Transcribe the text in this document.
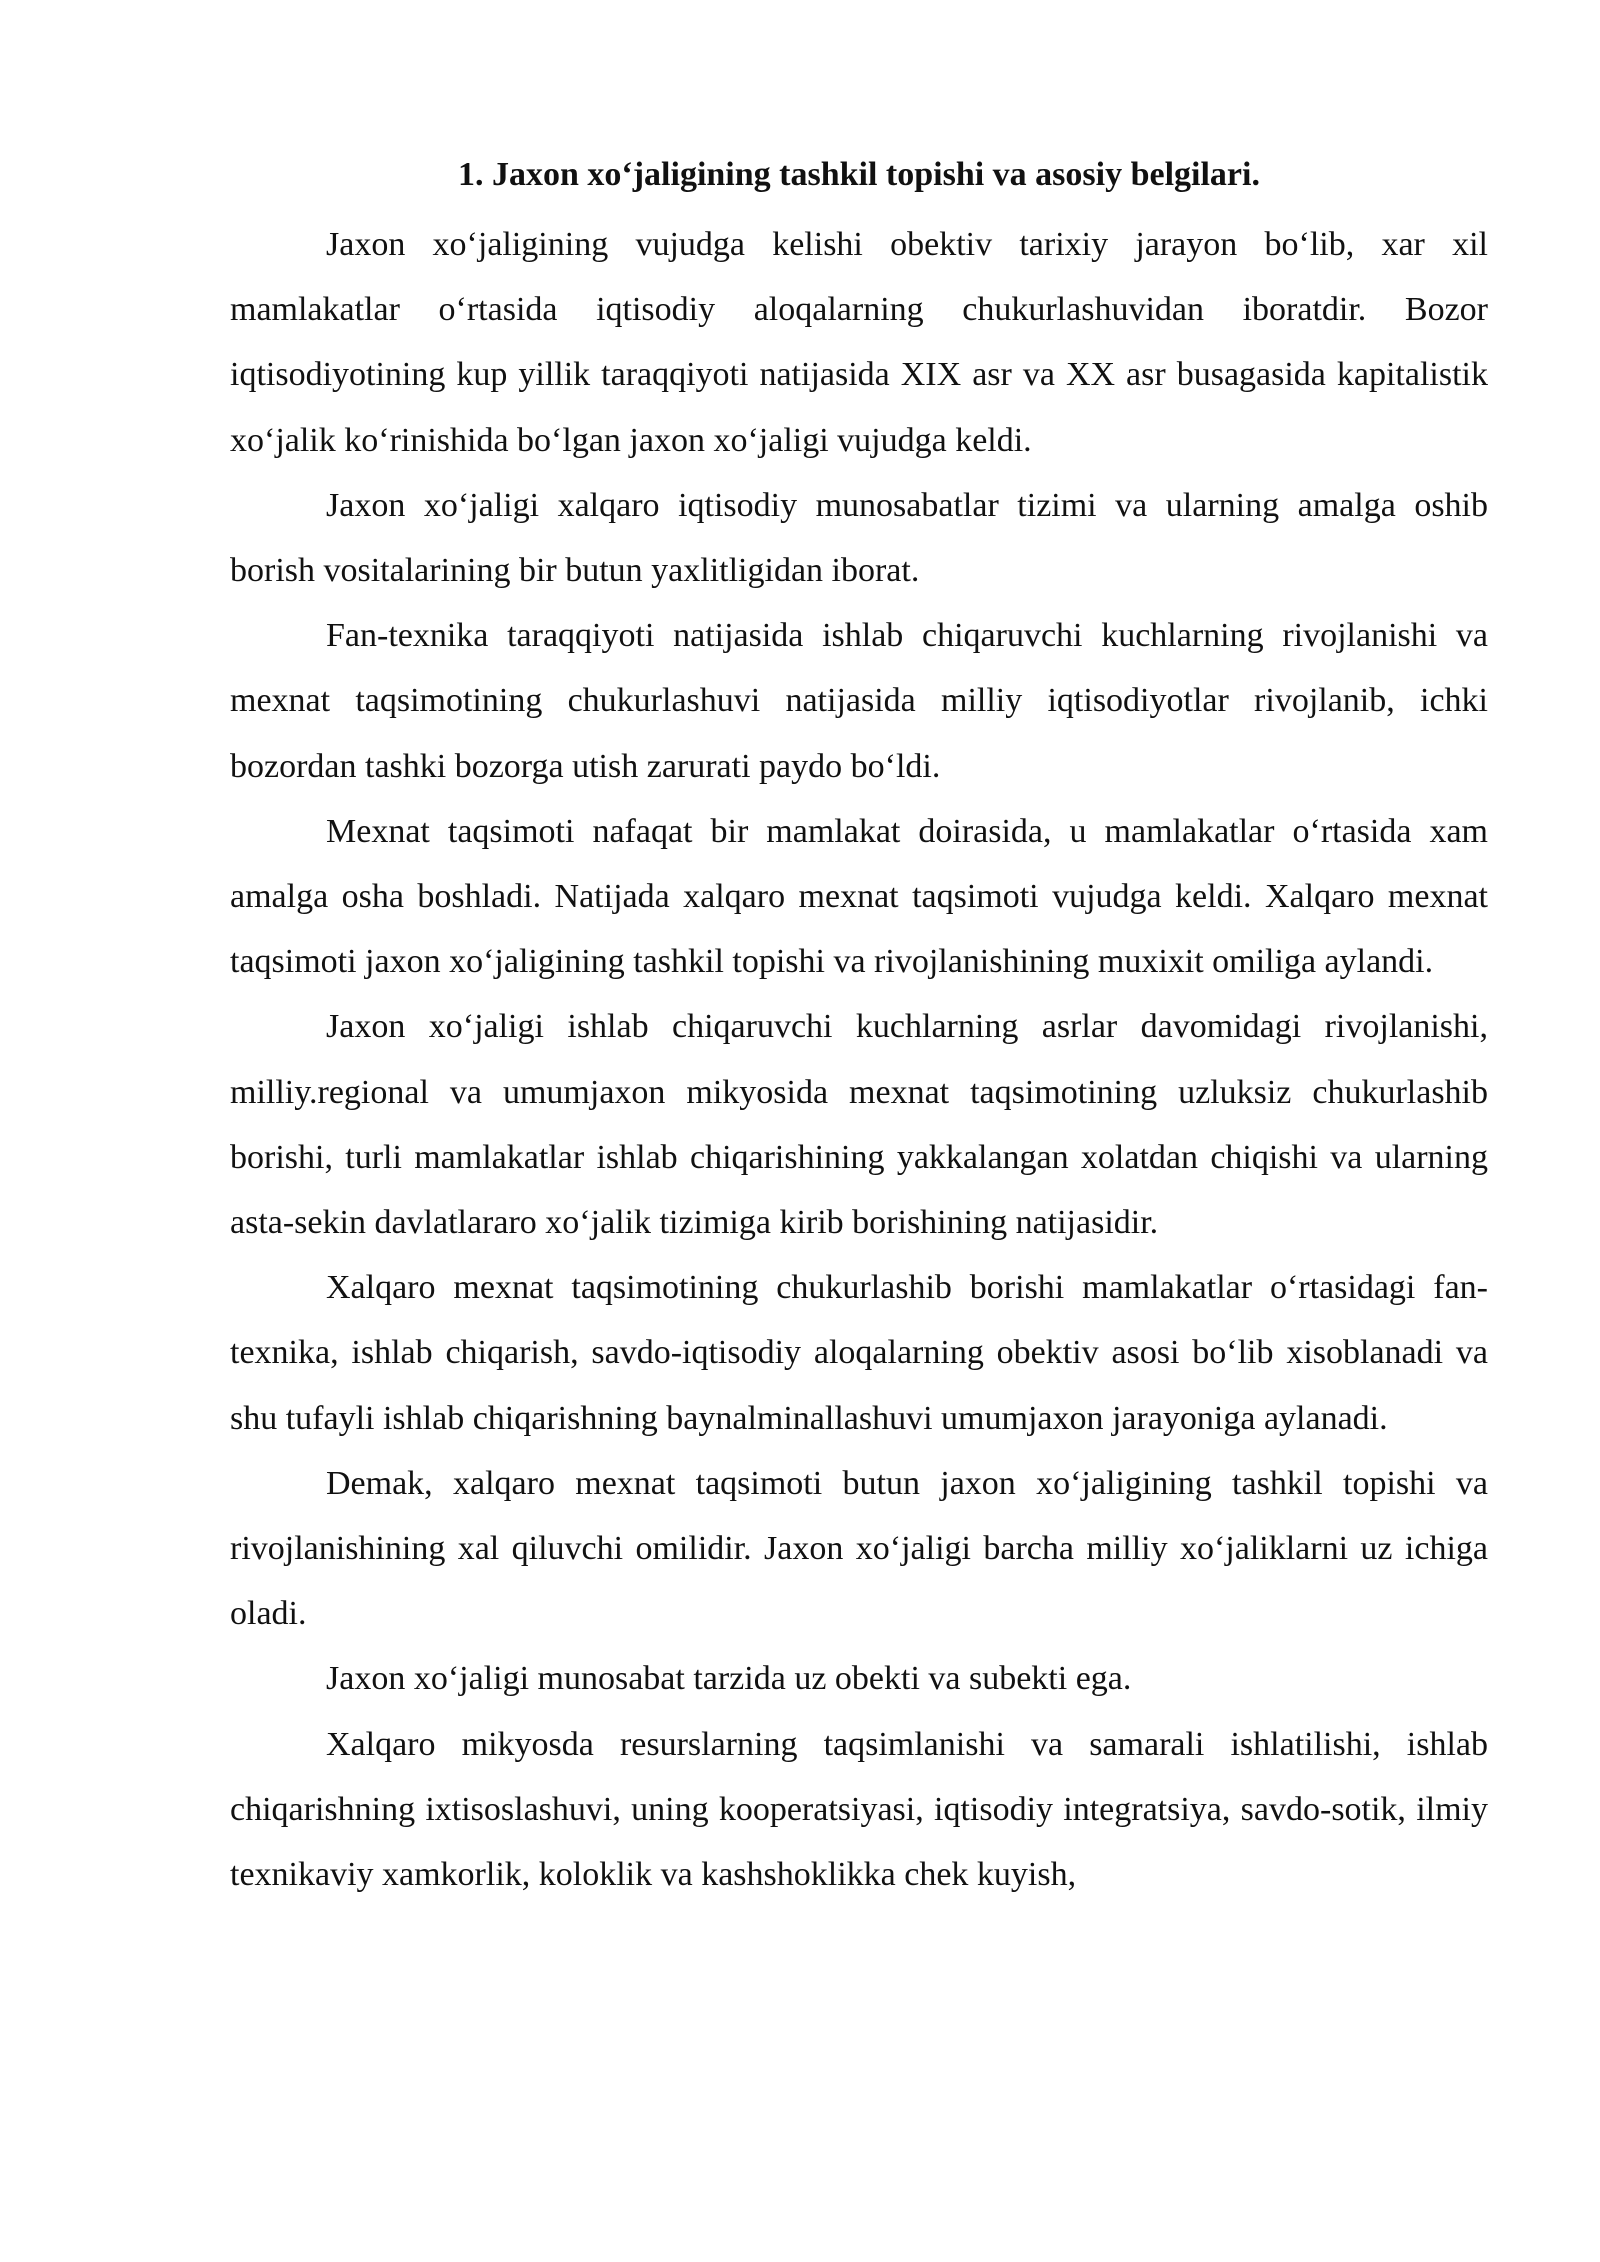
1. Jaxon xo‘jaligining tashkil topishi va asosiy belgilari.

Jaxon xo‘jaligining vujudga kelishi obektiv tarixiy jarayon bo‘lib, xar xil mamlakatlar o‘rtasida iqtisodiy aloqalarning chukurlashuvidan iboratdir. Bozor iqtisodiyotining kup yillik taraqqiyoti natijasida XIX asr va XX asr busagasida kapitalistik xo‘jalik ko‘rinishida bo‘lgan jaxon xo‘jaligi vujudga keldi.

Jaxon xo‘jaligi xalqaro iqtisodiy munosabatlar tizimi va ularning amalga oshib borish vositalarining bir butun yaxlitligidan iborat.

Fan-texnika taraqqiyoti natijasida ishlab chiqaruvchi kuchlarning rivojlanishi va mexnat taqsimotining chukurlashuvi natijasida milliy iqtisodiyotlar rivojlanib, ichki bozordan tashki bozorga utish zarurati paydo bo‘ldi.

Mexnat taqsimoti nafaqat bir mamlakat doirasida, u mamlakatlar o‘rtasida xam amalga osha boshladi. Natijada xalqaro mexnat taqsimoti vujudga keldi. Xalqaro mexnat taqsimoti jaxon xo‘jaligining tashkil topishi va rivojlanishining muxixit omiliga aylandi.

Jaxon xo‘jaligi ishlab chiqaruvchi kuchlarning asrlar davomidagi rivojlanishi, milliy.regional va umumjaxon mikyosida mexnat taqsimotining uzluksiz chukurlashib borishi, turli mamlakatlar ishlab chiqarishining yakkalangan xolatdan chiqishi va ularning asta-sekin davlatlararo xo‘jalik tizimiga kirib borishining natijasidir.

Xalqaro mexnat taqsimotining chukurlashib borishi mamlakatlar o‘rtasidagi fan-texnika, ishlab chiqarish, savdo-iqtisodiy aloqalarning obektiv asosi bo‘lib xisoblanadi va shu tufayli ishlab chiqarishning baynalminallashuvi umumjaxon jarayoniga aylanadi.

Demak, xalqaro mexnat taqsimoti butun jaxon xo‘jaligining tashkil topishi va rivojlanishining xal qiluvchi omilidir. Jaxon xo‘jaligi barcha milliy xo‘jaliklarni uz ichiga oladi.

Jaxon xo‘jaligi munosabat tarzida uz obekti va subekti ega.

Xalqaro mikyosda resurslarning taqsimlanishi va samarali ishlatilishi, ishlab chiqarishning ixtisoslashuvi, uning kooperatsiyasi, iqtisodiy integratsiya, savdo-sotik, ilmiy texnikaviy xamkorlik, koloklik va kashshoklikka chek kuyish,
